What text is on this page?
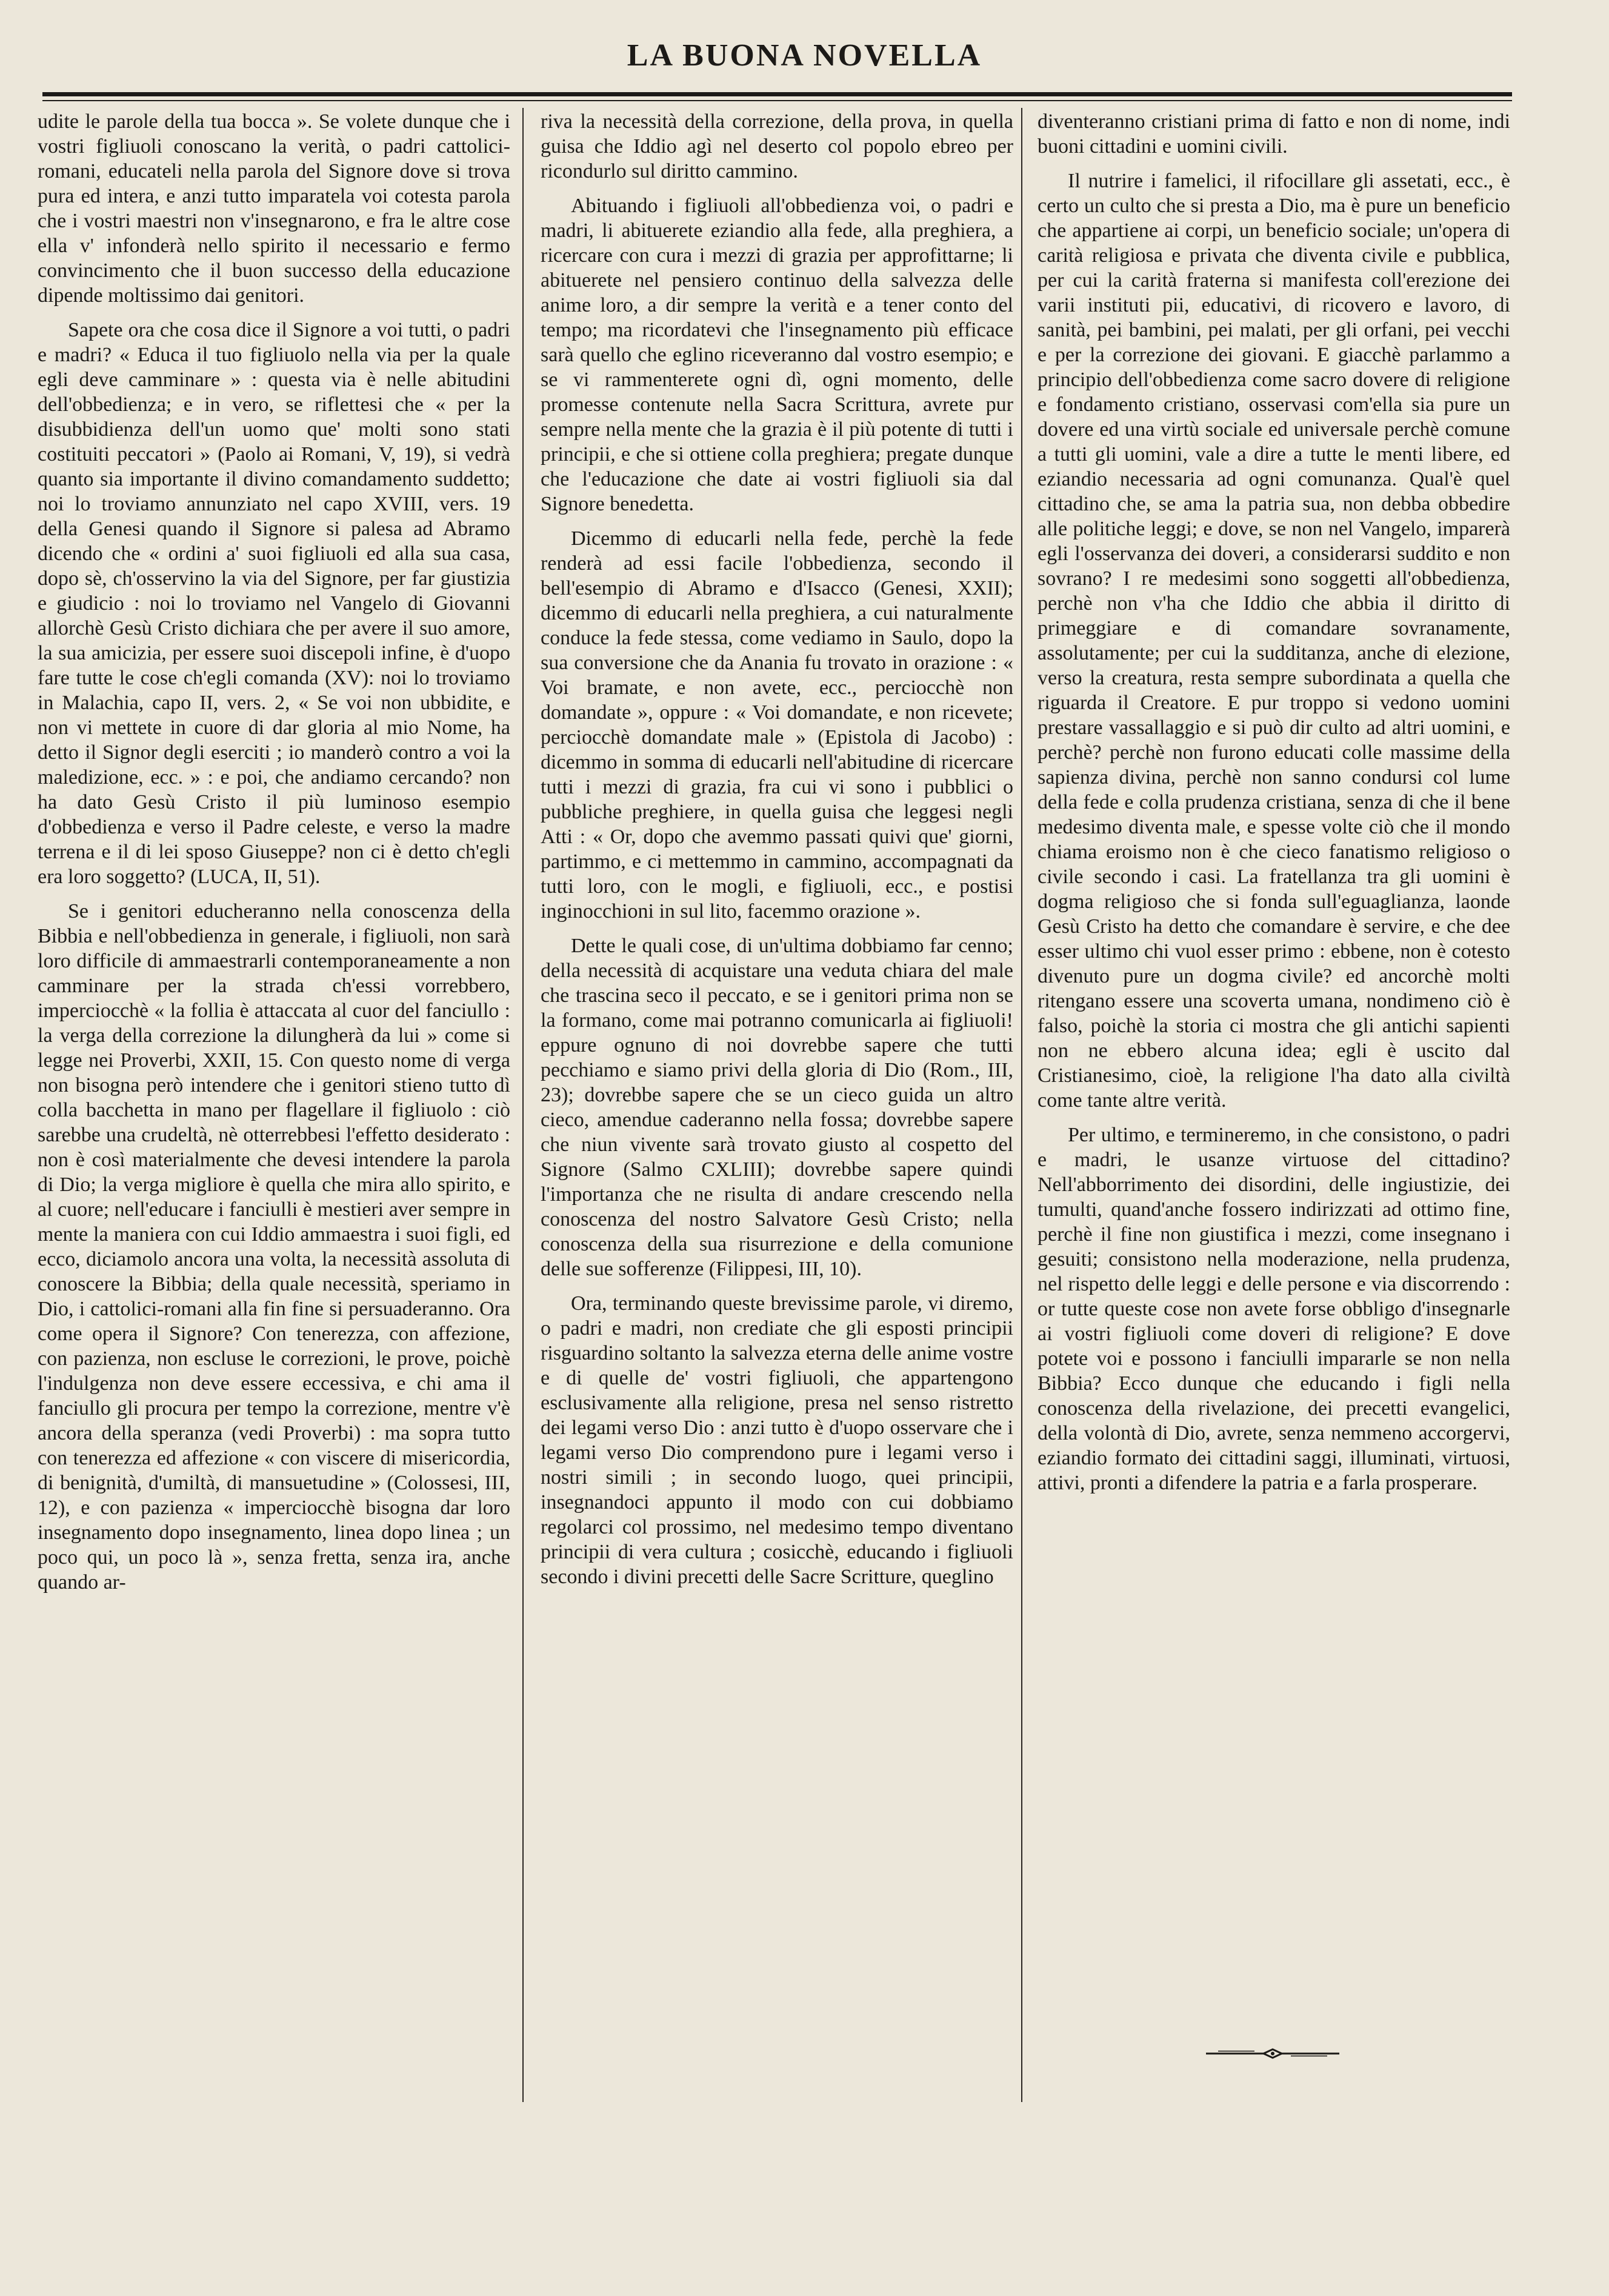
LA BUONA NOVELLA

udite le parole della tua bocca ». Se volete dunque che i vostri figliuoli conoscano la verità, o padri cattolici-romani, educateli nella parola del Signore dove si trova pura ed intera, e anzi tutto imparatela voi cotesta parola che i vostri maestri non v'insegnarono, e fra le altre cose ella v' infonderà nello spirito il necessario e fermo convincimento che il buon successo della educazione dipende moltissimo dai genitori.

Sapete ora che cosa dice il Signore a voi tutti, o padri e madri? « Educa il tuo figliuolo nella via per la quale egli deve camminare » : questa via è nelle abitudini dell'obbedienza; e in vero, se riflettesi che « per la disubbidienza dell'un uomo que' molti sono stati costituiti peccatori » (Paolo ai Romani, V, 19), si vedrà quanto sia importante il divino comandamento suddetto; noi lo troviamo annunziato nel capo XVIII, vers. 19 della Genesi quando il Signore si palesa ad Abramo dicendo che « ordini a' suoi figliuoli ed alla sua casa, dopo sè, ch'osservino la via del Signore, per far giustizia e giudicio : noi lo troviamo nel Vangelo di Giovanni allorchè Gesù Cristo dichiara che per avere il suo amore, la sua amicizia, per essere suoi discepoli infine, è d'uopo fare tutte le cose ch'egli comanda (XV): noi lo troviamo in Malachia, capo II, vers. 2, « Se voi non ubbidite, e non vi mettete in cuore di dar gloria al mio Nome, ha detto il Signor degli eserciti ; io manderò contro a voi la maledizione, ecc. » : e poi, che andiamo cercando? non ha dato Gesù Cristo il più luminoso esempio d'obbedienza e verso il Padre celeste, e verso la madre terrena e il di lei sposo Giuseppe? non ci è detto ch'egli era loro soggetto? (LUCA, II, 51).

Se i genitori educheranno nella conoscenza della Bibbia e nell'obbedienza in generale, i figliuoli, non sarà loro difficile di ammaestrarli contemporaneamente a non camminare per la strada ch'essi vorrebbero, imperciocchè « la follia è attaccata al cuor del fanciullo : la verga della correzione la dilungherà da lui » come si legge nei Proverbi, XXII, 15. Con questo nome di verga non bisogna però intendere che i genitori stieno tutto dì colla bacchetta in mano per flagellare il figliuolo : ciò sarebbe una crudeltà, nè otterrebbesi l'effetto desiderato : non è così materialmente che devesi intendere la parola di Dio; la verga migliore è quella che mira allo spirito, e al cuore; nell'educare i fanciulli è mestieri aver sempre in mente la maniera con cui Iddio ammaestra i suoi figli, ed ecco, diciamolo ancora una volta, la necessità assoluta di conoscere la Bibbia; della quale necessità, speriamo in Dio, i cattolici-romani alla fin fine si persuaderanno. Ora come opera il Signore? Con tenerezza, con affezione, con pazienza, non escluse le correzioni, le prove, poichè l'indulgenza non deve essere eccessiva, e chi ama il fanciullo gli procura per tempo la correzione, mentre v'è ancora della speranza (vedi Proverbi) : ma sopra tutto con tenerezza ed affezione « con viscere di misericordia, di benignità, d'umiltà, di mansuetudine » (Colossesi, III, 12), e con pazienza « imperciocchè bisogna dar loro insegnamento dopo insegnamento, linea dopo linea ; un poco qui, un poco là », senza fretta, senza ira, anche quando ar-

riva la necessità della correzione, della prova, in quella guisa che Iddio agì nel deserto col popolo ebreo per ricondurlo sul diritto cammino.

Abituando i figliuoli all'obbedienza voi, o padri e madri, li abituerete eziandio alla fede, alla preghiera, a ricercare con cura i mezzi di grazia per approfittarne; li abituerete nel pensiero continuo della salvezza delle anime loro, a dir sempre la verità e a tener conto del tempo; ma ricordatevi che l'insegnamento più efficace sarà quello che eglino riceveranno dal vostro esempio; e se vi rammenterete ogni dì, ogni momento, delle promesse contenute nella Sacra Scrittura, avrete pur sempre nella mente che la grazia è il più potente di tutti i principii, e che si ottiene colla preghiera; pregate dunque che l'educazione che date ai vostri figliuoli sia dal Signore benedetta.

Dicemmo di educarli nella fede, perchè la fede renderà ad essi facile l'obbedienza, secondo il bell'esempio di Abramo e d'Isacco (Genesi, XXII); dicemmo di educarli nella preghiera, a cui naturalmente conduce la fede stessa, come vediamo in Saulo, dopo la sua conversione che da Anania fu trovato in orazione : « Voi bramate, e non avete, ecc., perciocchè non domandate », oppure : « Voi domandate, e non ricevete; perciocchè domandate male » (Epistola di Jacobo) : dicemmo in somma di educarli nell'abitudine di ricercare tutti i mezzi di grazia, fra cui vi sono i pubblici o pubbliche preghiere, in quella guisa che leggesi negli Atti : « Or, dopo che avemmo passati quivi que' giorni, partimmo, e ci mettemmo in cammino, accompagnati da tutti loro, con le mogli, e figliuoli, ecc., e postisi inginocchioni in sul lito, facemmo orazione ».

Dette le quali cose, di un'ultima dobbiamo far cenno; della necessità di acquistare una veduta chiara del male che trascina seco il peccato, e se i genitori prima non se la formano, come mai potranno comunicarla ai figliuoli! eppure ognuno di noi dovrebbe sapere che tutti pecchiamo e siamo privi della gloria di Dio (Rom., III, 23); dovrebbe sapere che se un cieco guida un altro cieco, amendue caderanno nella fossa; dovrebbe sapere che niun vivente sarà trovato giusto al cospetto del Signore (Salmo CXLIII); dovrebbe sapere quindi l'importanza che ne risulta di andare crescendo nella conoscenza del nostro Salvatore Gesù Cristo; nella conoscenza della sua risurrezione e della comunione delle sue sofferenze (Filippesi, III, 10).

Ora, terminando queste brevissime parole, vi diremo, o padri e madri, non crediate che gli esposti principii risguardino soltanto la salvezza eterna delle anime vostre e di quelle de' vostri figliuoli, che appartengono esclusivamente alla religione, presa nel senso ristretto dei legami verso Dio : anzi tutto è d'uopo osservare che i legami verso Dio comprendono pure i legami verso i nostri simili ; in secondo luogo, quei principii, insegnandoci appunto il modo con cui dobbiamo regolarci col prossimo, nel medesimo tempo diventano principii di vera cultura ; cosicchè, educando i figliuoli secondo i divini precetti delle Sacre Scritture, queglino

diventeranno cristiani prima di fatto e non di nome, indi buoni cittadini e uomini civili.

Il nutrire i famelici, il rifocillare gli assetati, ecc., è certo un culto che si presta a Dio, ma è pure un beneficio che appartiene ai corpi, un beneficio sociale; un'opera di carità religiosa e privata che diventa civile e pubblica, per cui la carità fraterna si manifesta coll'erezione dei varii instituti pii, educativi, di ricovero e lavoro, di sanità, pei bambini, pei malati, per gli orfani, pei vecchi e per la correzione dei giovani. E giacchè parlammo a principio dell'obbedienza come sacro dovere di religione e fondamento cristiano, osservasi com'ella sia pure un dovere ed una virtù sociale ed universale perchè comune a tutti gli uomini, vale a dire a tutte le menti libere, ed eziandio necessaria ad ogni comunanza. Qual'è quel cittadino che, se ama la patria sua, non debba obbedire alle politiche leggi; e dove, se non nel Vangelo, imparerà egli l'osservanza dei doveri, a considerarsi suddito e non sovrano? I re medesimi sono soggetti all'obbedienza, perchè non v'ha che Iddio che abbia il diritto di primeggiare e di comandare sovranamente, assolutamente; per cui la sudditanza, anche di elezione, verso la creatura, resta sempre subordinata a quella che riguarda il Creatore. E pur troppo si vedono uomini prestare vassallaggio e si può dir culto ad altri uomini, e perchè? perchè non furono educati colle massime della sapienza divina, perchè non sanno condursi col lume della fede e colla prudenza cristiana, senza di che il bene medesimo diventa male, e spesse volte ciò che il mondo chiama eroismo non è che cieco fanatismo religioso o civile secondo i casi. La fratellanza tra gli uomini è dogma religioso che si fonda sull'eguaglianza, laonde Gesù Cristo ha detto che comandare è servire, e che dee esser ultimo chi vuol esser primo : ebbene, non è cotesto divenuto pure un dogma civile? ed ancorchè molti ritengano essere una scoverta umana, nondimeno ciò è falso, poichè la storia ci mostra che gli antichi sapienti non ne ebbero alcuna idea; egli è uscito dal Cristianesimo, cioè, la religione l'ha dato alla civiltà come tante altre verità.

Per ultimo, e termineremo, in che consistono, o padri e madri, le usanze virtuose del cittadino? Nell'abborrimento dei disordini, delle ingiustizie, dei tumulti, quand'anche fossero indirizzati ad ottimo fine, perchè il fine non giustifica i mezzi, come insegnano i gesuiti; consistono nella moderazione, nella prudenza, nel rispetto delle leggi e delle persone e via discorrendo : or tutte queste cose non avete forse obbligo d'insegnarle ai vostri figliuoli come doveri di religione? E dove potete voi e possono i fanciulli impararle se non nella Bibbia? Ecco dunque che educando i figli nella conoscenza della rivelazione, dei precetti evangelici, della volontà di Dio, avrete, senza nemmeno accorgervi, eziandio formato dei cittadini saggi, illuminati, virtuosi, attivi, pronti a difendere la patria e a farla prosperare.
